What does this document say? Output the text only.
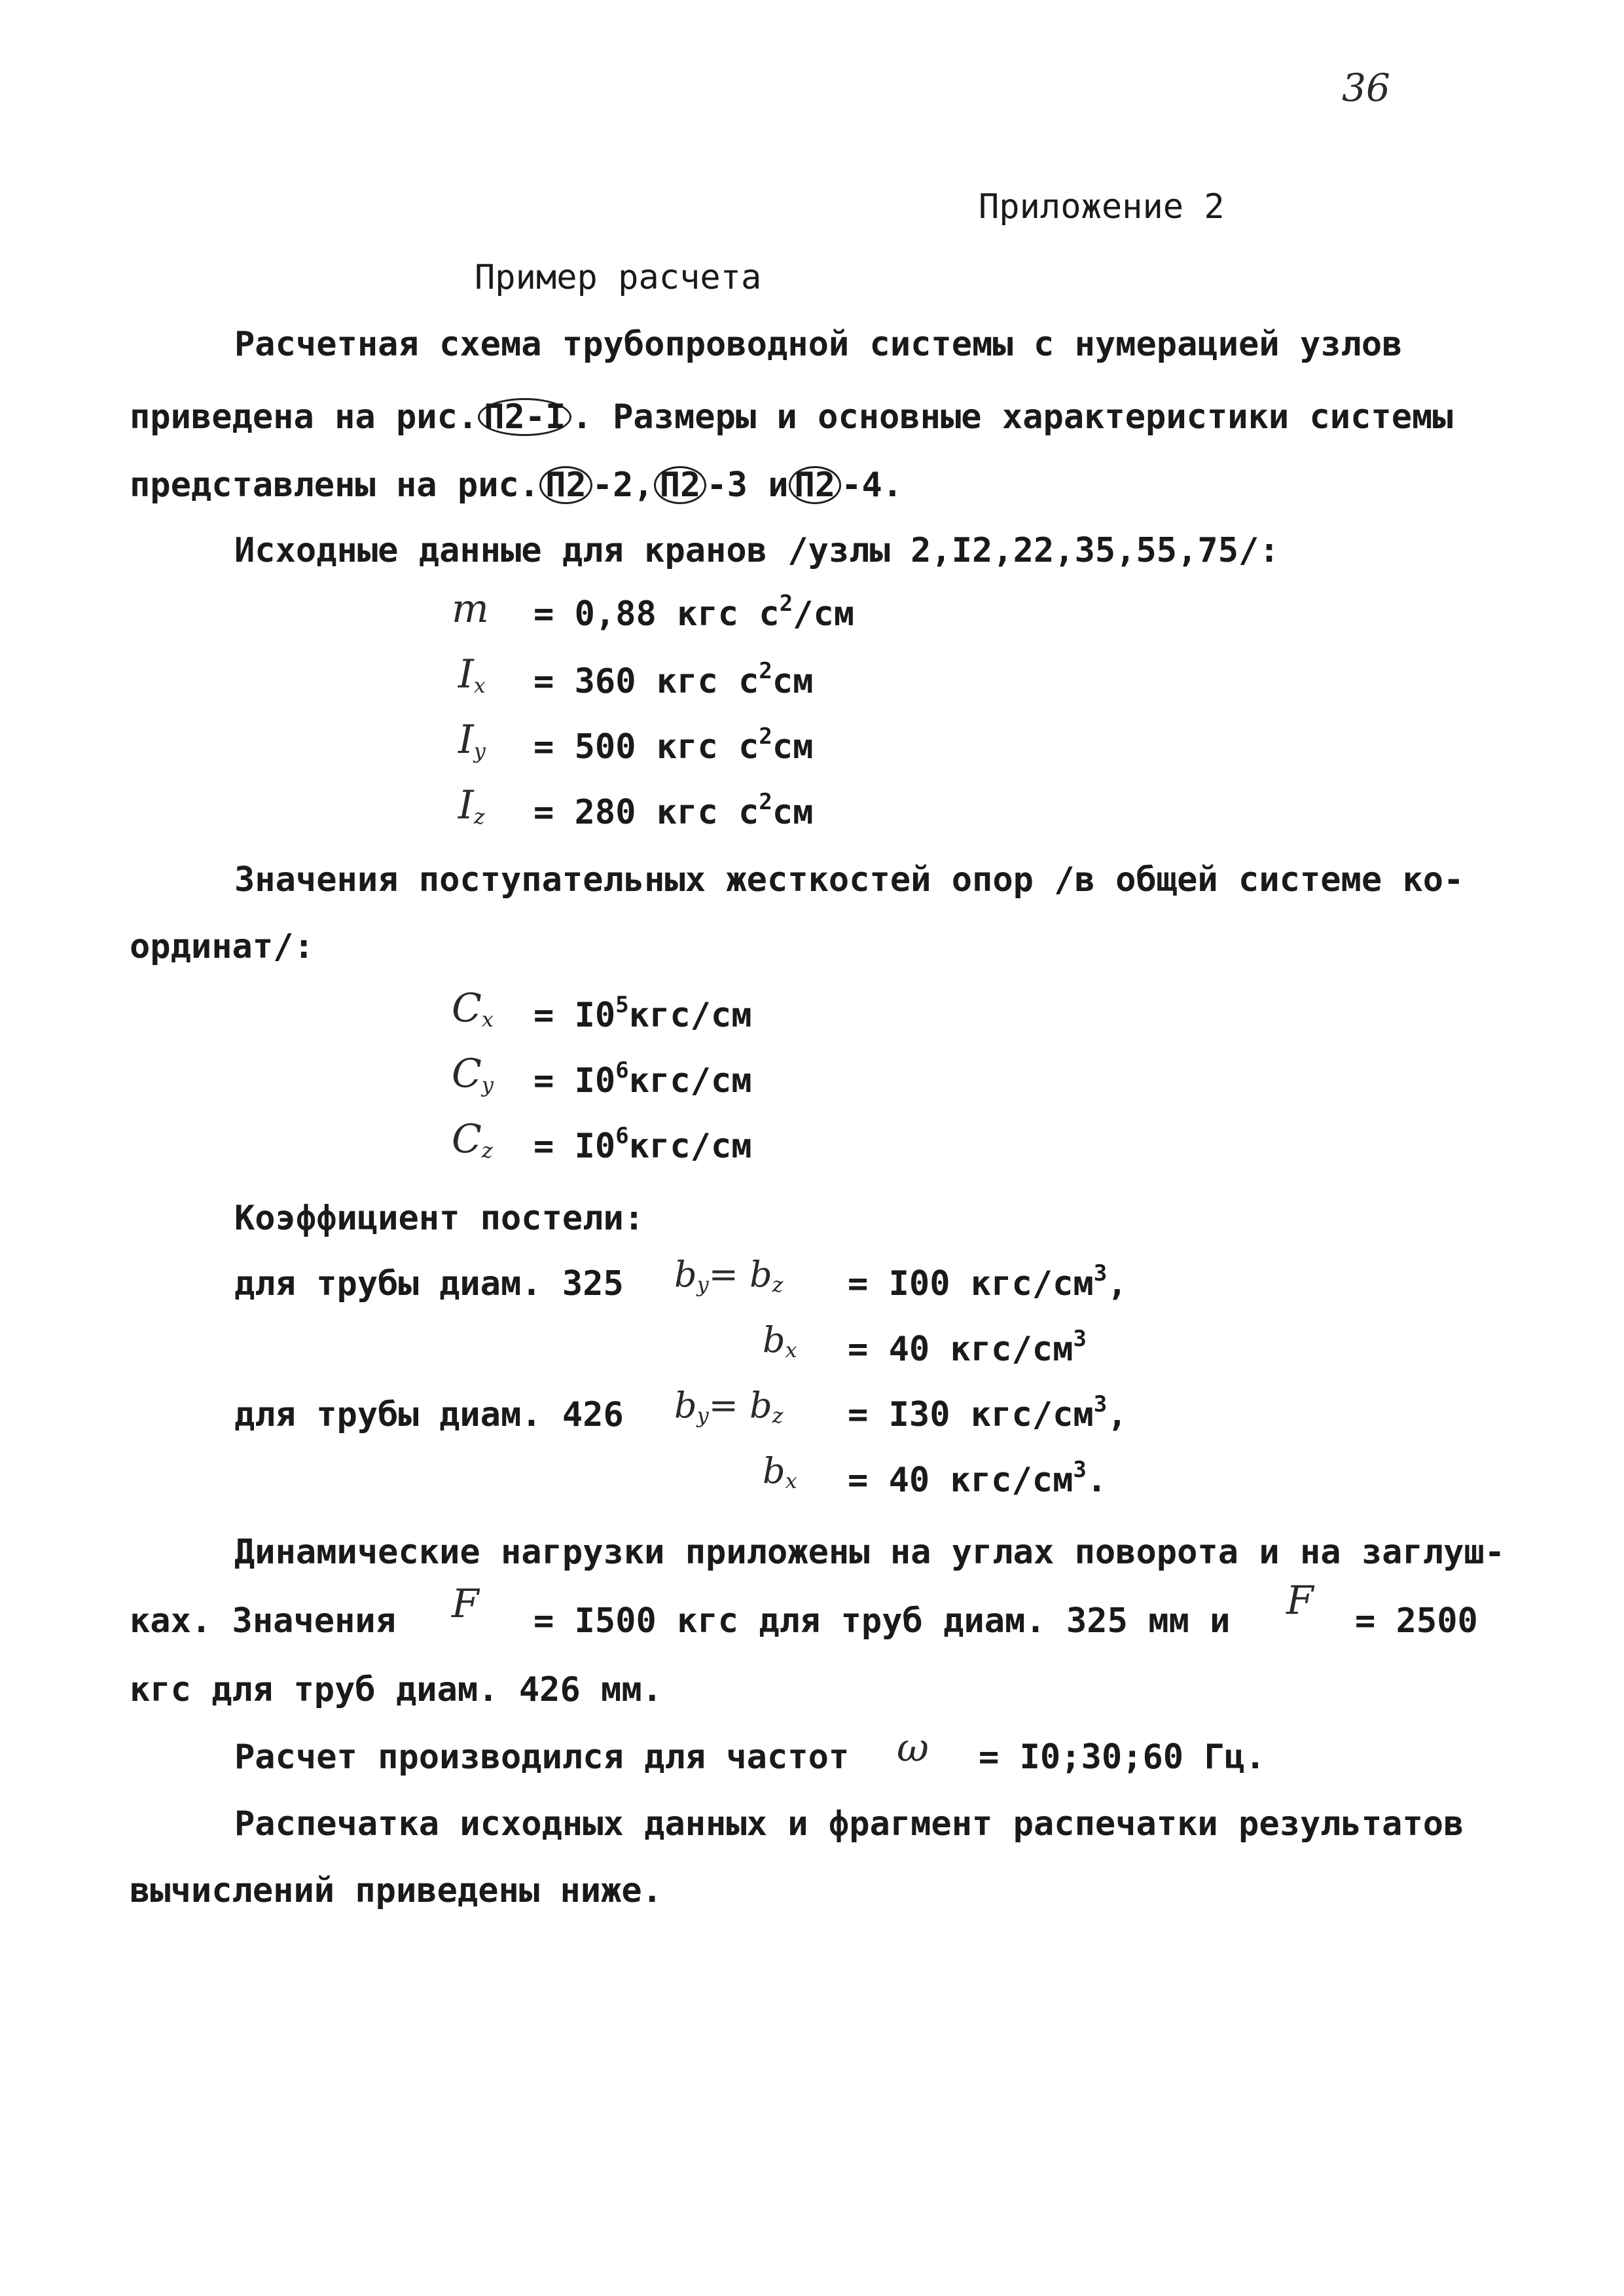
36
Приложение 2
Пример расчета
Расчетная схема трубопроводной системы с нумерацией узлов
приведена на рис. П2-I . Размеры и основные характеристики системы
представлены на рис. П2 -2, П2 -3 и П2 -4.
Исходные данные для кранов /узлы 2,I2,22,35,55,75/:
m = 0,88 кгс $с^2/см$
$I_x = 360$ кгс $с^2см$
$I_y = 500$ кгс $с^2см$
$I_z = 280$ кгс $с^2см$
Значения поступательных жесткостей опор /в общей системе ко-
ординат/:
$C_x = I0^5кгс/см$
$C_y = I0^6кгс/см$
$C_z = I0^6кгс/см$
Коэффициент постели:
для трубы диам. 325 $b_y= b_z = I00$ кгс/$см^3$,
$b_x = 40$ кгс/$см^3$
для трубы диам. 426 $b_y= b_z = I30$ кгс/$см^3$,
$b_x = 40$ кгс/$см^3$.
Динамические нагрузки приложены на углах поворота и на заглуш-
ках. Значения F = I500 кгс для труб диам. 325 мм и F = 2500
кгс для труб диам. 426 мм.
Расчет производился для частот ω = I0;30;60 Гц.
Распечатка исходных данных и фрагмент распечатки результатов
вычислений приведены ниже.
